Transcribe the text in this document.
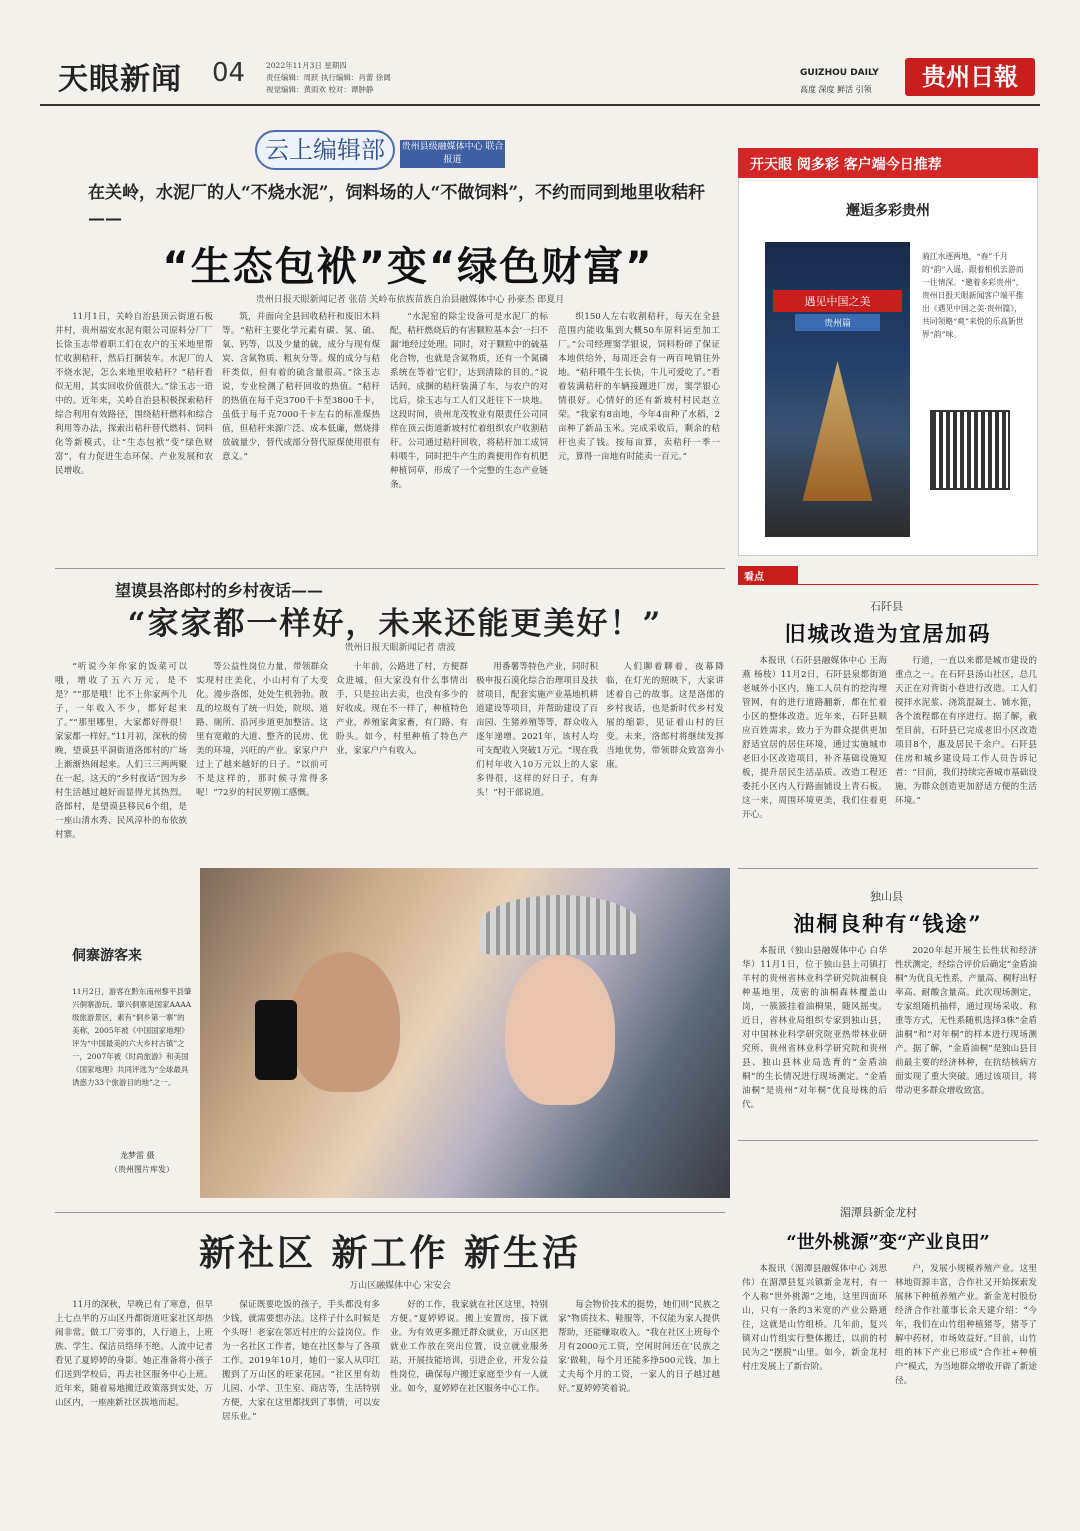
天眼新闻 04	2022年11月3日 星期四
责任编辑：周跃 执行编辑：肖蕾 徐阔
视觉编辑：黄雨欢 校对：谭肿静
GUIZHOU DAILY
高度 深度 鲜活 引领	贵州日報
云上编辑部	贵州县级融媒体中心 联合报道
在关岭，水泥厂的人“不烧水泥”，饲料场的人“不做饲料”，不约而同到地里收秸秆——
“生态包袱”变“绿色财富”
贵州日报天眼新闻记者 张蓓 关岭布依族苗族自治县融媒体中心 孙豪杰 郎夏月

11月1日，关岭自治县顶云街道石板井村，贵州福安水泥有限公司原料分厂厂长徐玉志带着职工们在农户的玉米地里帮忙收割秸秆，然后打捆装车。水泥厂的人不烧水泥，怎么来地里收秸秆？“秸秆看似无用，其实回收价值很大。”徐玉志一语中的。近年来，关岭自治县积极探索秸秆综合利用有效路径，围绕秸秆燃料和综合利用等办法，探索出秸秆替代燃料、饲料化等新模式，让“生态包袱”变“绿色财富”，有力促进生态环保、产业发展和农民增收。

筑，并面向全县回收秸秆和废旧木料等。“秸秆主要化学元素有碳、氢、硫、氧、钙等，以及少量的硫，成分与现有煤炭、含氮物质、粗灰分等。煤的成分与秸秆类似，但有着的硫含量很高。”徐玉志说，专业检测了秸秆回收的热值。“秸秆的热值在每千克3700千卡至3800千卡，虽低于每千克7000千卡左右的标准煤热值，但秸秆来源广泛、成本低廉，燃烧排放硫量少，替代成部分替代原煤使用很有意义。”

“水泥窑的除尘设备可是水泥厂的标配，秸秆燃烧后的有害颗粒基本会‘一扫不漏’地经过处理。同时，对于颗粒中的硫基化合物，也就是含氮物质，还有一个氮磷系统在等着‘它们’，达到清除的目的。”说话间，成捆的秸秆装满了车，与农户的对比后，徐玉志与工人们又赶往下一块地。这段时间，贵州龙茂牧业有限责任公司同样在顶云街道新坡村忙着组织农户收割秸秆。公司通过秸秆回收，将秸秆加工成饲料喂牛，同时把牛产生的粪便用作有机肥种植饲草，形成了一个完整的生态产业链条。

织150人左右收割秸秆，每天在全县范围内能收集到大概50车原料运至加工厂。”公司经理窦学银说，饲料粉碎了保证本地供给外，每周还会有一两百吨销往外地。“秸秆喂牛生长快，牛儿可爱吃了。”看着装满秸秆的车辆接踵进厂房，窦学银心情很好。心情好的还有新坡村村民赵立荣。“我家有8亩地，今年4亩种了水稻，2亩种了新品玉米。完成采收后，剩余的秸秆也卖了钱。按每亩算，卖秸秆一季一元，算得一亩地有时能卖一百元。”

开天眼 阅多彩 客户端今日推荐
邂逅多彩贵州
遇见中国之美
贵州篇
骑江水逐两地，“春”千月的“韵”入遥，跟着相机去游而一往情深。“邀着多彩贵州”，贵州日报天眼新闻客户端平推出《遇见中国之美·贵州篇》，共同领略“爽”来悦的乐高新世界“韵”味。
望谟县洛郎村的乡村夜话——
“家家都一样好，未来还能更美好！”
贵州日报天眼新闻记者 唐波

“听说今年你家的饭菜可以哦，增收了五六万元，是不是？”“那是哦！比不上你家两个儿子，一年收入不少，都好起来了。”“那里哪里，大家都好得很！家家都一样好。”11月初，深秋的傍晚，望谟县平洞街道洛郎村的广场上渐渐热闹起来。人们三三两两聚在一起，这天的“乡村夜话”因为乡村生活越过越好而显得尤其热烈。洛郎村，是望谟县移民6个组，是一座山清水秀、民风淳朴的布依族村寨。

等公益性岗位力量，带领群众实现村庄美化，小山村有了大变化。漫步洛郎，处处生机勃勃。散乱的垃圾有了统一归处，院坝、道路、厕所、沿河步道更加整洁。这里有宽敞的大道、整齐的民房、优美的环境，兴旺的产业。家家户户过上了越来越好的日子。“以前可不是这样的，那时候寻常得多呢！”72岁的村民罗刚工感慨。

十年前，公路进了村，方便群众进城，但大家没有什么事情出手，只是拉出去卖，也没有多少的好收成。现在不一样了，种植特色产业，养殖家禽家畜，有门路、有盼头。如今，村里种植了特色产业，家家户户有收入。

用番薯等特色产业，同时积极申报石漠化综合治理项目及扶贫项目，配套实施产业基地机耕道建设等项目，并帮助建设了百亩园、生猪养殖等等，群众收入逐年递增。2021年，该村人均可支配收入突破1万元。“现在我们村年收入10万元以上的人家多得很，这样的好日子，有奔头！”村干部说道。

人们聊着聊着，夜幕降临，在灯光的照映下，大家讲述着自己的故事。这是洛郎的乡村夜话，也是新时代乡村发展的缩影，见证着山村的巨变。未来，洛郎村将继续发挥当地优势，带领群众致富奔小康。

看点
石阡县
旧城改造为宜居加码

本报讯（石阡县融媒体中心 王海燕 杨枝）11月2日，石阡县泉都街道老城外小区内，施工人员有的挖沟埋管网，有的进行道路翻新，都在忙着小区的整体改造。近年来，石阡县顺应百姓需求，致力于为群众提供更加舒适宜居的居住环境，通过实施城市老旧小区改造项目，补齐基础设施短板，提升居民生活品质。改造工程还委托小区内人行路面铺设上青石板。这一来，周围环境更美，我们住着更开心。

行道，一直以来都是城市建设的重点之一。在石阡县汤山社区，总几天正在对背街小巷进行改造。工人们搅拌水泥浆、浇筑混凝土、铺水篦，各个流程都在有序进行。据了解，截至目前，石阡县已完成老旧小区改造项目8个，惠及居民千余户。石阡县住房和城乡建设局工作人员告诉记者：“目前，我们持续完善城市基础设施，为群众创造更加舒适方便的生活环境。”

侗寨游客来
11月2日，游客在黔东南州黎平县肇兴侗寨游玩。肇兴侗寨是国家AAAA级旅游景区，素有“侗乡第一寨”的美称，2005年被《中国国家地理》评为“中国最美的六大乡村古镇”之一，2007年被《时尚旅游》和美国《国家地理》共同评选为“全球最具诱惑力33个旅游目的地”之一。
龙梦雷 摄
（贵州图片库发）
独山县
油桐良种有“钱途”

本报讯（独山县融媒体中心 白华华）11月1日，位于独山县上司镇打羊村的贵州省林业科学研究院油桐良种基地里，茂密的油桐森林覆盖山岗，一簇簇挂着油桐果，随风摇曳。近日，省林业局组织专家到独山县，对中国林业科学研究院亚热带林业研究所、贵州省林业科学研究院和贵州县、独山县林业局选育的“金盾油桐”的生长情况进行现场测定。“金盾油桐”是贵州“对年桐”优良母株的后代。

2020年起开展生长性状和经济性状测定，经综合评价后确定“金盾油桐”为优良无性系，产量高、稠籽出籽率高、耐酸含量高。此次现场测定，专家组随机抽样，通过现场采收、称重等方式，无性系随机选择3株“金盾油桐”和“对年桐”的样本进行现场测产。据了解，“金盾油桐”是独山县目前最主要的经济林种，在抗结核病方面实现了重大突破。通过该项目，将带动更多群众增收致富。

湄潭县新金龙村
“世外桃源”变“产业良田”

本报讯（湄潭县融媒体中心 刘思伟）在湄潭县复兴镇新金龙村，有一个人称“世外桃源”之地，这里四面环山，只有一条约3米宽的产业公路通往，这就是山竹组桥。几年前，复兴镇对山竹组实行整体搬迁，以前的村民为之“摆脱”山里。如今，新金龙村村庄发展上了新台阶。

户，发展小规模养殖产业。这里林地资源丰富，合作社又开始探索发展林下种植养殖产业。新金龙村股份经济合作社董事长余天建介绍：“今年，我们在山竹组种植猪苓，猪苓了解中药材，市场效益好。”目前，山竹组的林下产业已形成“合作社+种植户”模式，为当地群众增收开辟了新途径。

新社区 新工作 新生活
万山区融媒体中心 宋安会

11月的深秋，早晚已有了寒意，但早上七点半的万山区丹都街道旺家社区却热闹非常。做工厂旁事的，人行道上，上班族、学生、保洁员络绎不绝。人流中记者看见了夏婷婷的身影。她正准备将小孩子们送到学校后，再去社区服务中心上班。近年来，随着易地搬迁政策落到实处，万山区内，一座座新社区拔地而起。

保证既要吃饭的孩子，手头都没有多少钱，就需要想办法。这样子什么时候是个头呀！老家在邻近村庄的公益岗位。作为一名社区工作者，她在社区参与了各项工作。2019年10月，她们一家人从印江搬到了万山区的旺家花园。“社区里有幼儿园、小学、卫生室、商店等，生活特别方便，大家在这里都找到了事情，可以安居乐业。”

好的工作，我家就在社区这里，特别方便。”夏婷婷说。搬上安置房，接下就业。为有效更多搬迁群众就业，万山区把就业工作放在突出位置，设立就业服务站，开展技能培训，引进企业，开发公益性岗位，确保每户搬迁家庭至少有一人就业。如今，夏婷婷在社区服务中心工作。

每会物价技术的挺势，她们则“民族之家”物质技术、鞋服等，不仅能为家人提供帮助，还能赚取收入。“我在社区上班每个月有2000元工资，空闲时间还在‘民族之家’做鞋，每个月还能多挣500元钱，加上丈夫每个月的工资，一家人的日子越过越好。”夏婷婷笑着说。
